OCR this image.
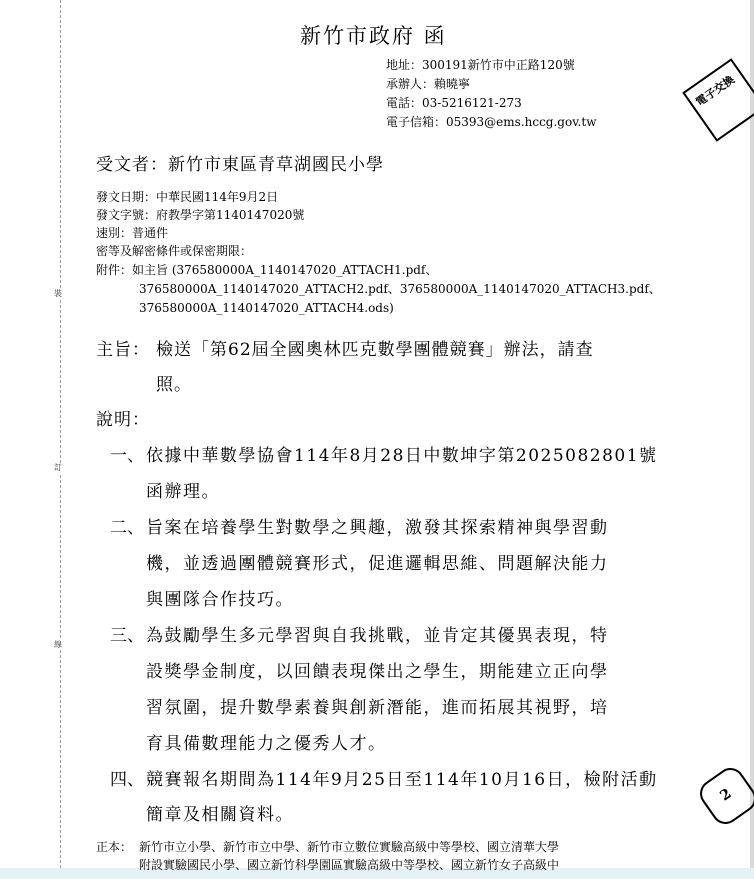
裝
訂
線
新竹市政府 函
地址：300191新竹市中正路120號
承辦人：賴曉寧
電話：03-5216121-273
電子信箱：05393@ems.hccg.gov.tw
電子交換
2
受文者：新竹市東區青草湖國民小學
發文日期：中華民國114年9月2日
發文字號：府教學字第1140147020號
速別：普通件
密等及解密條件或保密期限：
附件：如主旨 (376580000A_1140147020_ATTACH1.pdf、
376580000A_1140147020_ATTACH2.pdf、376580000A_1140147020_ATTACH3.pdf、
376580000A_1140147020_ATTACH4.ods)
主旨： 檢送「第62屆全國奧林匹克數學團體競賽」辦法，請查
照。
說明：
一、 依據中華數學協會114年8月28日中數坤字第2025082801號
函辦理。
二、 旨案在培養學生對數學之興趣，激發其探索精神與學習動
機，並透過團體競賽形式，促進邏輯思維、問題解決能力
與團隊合作技巧。
三、 為鼓勵學生多元學習與自我挑戰，並肯定其優異表現，特
設獎學金制度，以回饋表現傑出之學生，期能建立正向學
習氛圍，提升數學素養與創新潛能，進而拓展其視野，培
育具備數理能力之優秀人才。
四、 競賽報名期間為114年9月25日至114年10月16日，檢附活動
簡章及相關資料。
正本： 新竹市立小學、新竹市立中學、新竹市立數位實驗高級中等學校、國立清華大學
附設實驗國民小學、國立新竹科學園區實驗高級中等學校、國立新竹女子高級中
